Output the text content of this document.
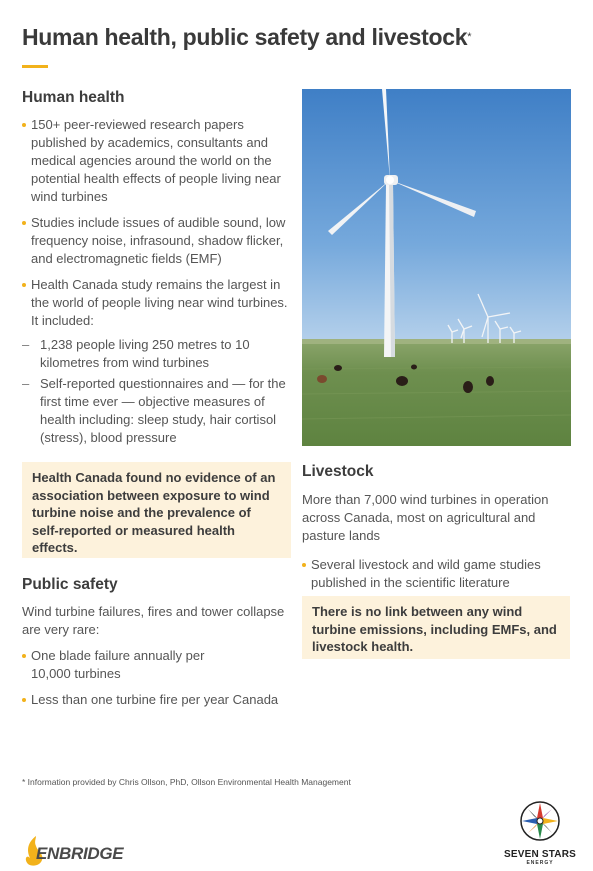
Human health, public safety and livestock*
Human health
150+ peer-reviewed research papers published by academics, consultants and medical agencies around the world on the potential health effects of people living near wind turbines
Studies include issues of audible sound, low frequency noise, infrasound, shadow flicker, and electromagnetic fields (EMF)
Health Canada study remains the largest in the world of people living near wind turbines. It included:
– 1,238 people living 250 metres to 10 kilometres from wind turbines
– Self-reported questionnaires and — for the first time ever — objective measures of health including: sleep study, hair cortisol (stress), blood pressure
Health Canada found no evidence of an association between exposure to wind turbine noise and the prevalence of self-reported or measured health effects.
Public safety

Wind turbine failures, fires and tower collapse are very rare:

One blade failure annually per 10,000 turbines
Less than one turbine fire per year Canada
Livestock

More than 7,000 wind turbines in operation across Canada, most on agricultural and pasture lands

Several livestock and wild game studies published in the scientific literature
There is no link between any wind turbine emissions, including EMFs, and livestock health.
* Information provided by Chris Ollson, PhD, Ollson Environmental Health Management
ENBRIDGE	SEVEN STARS
ENERGY
